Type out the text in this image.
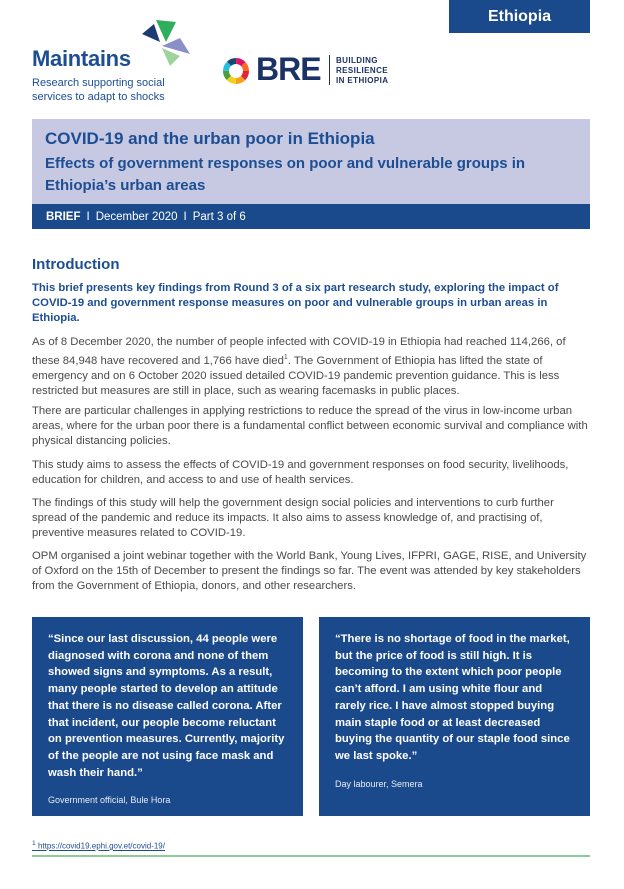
Ethiopia
Maintains
Research supporting social
services to adapt to shocks
BRE BUILDING
RESILIENCE
IN ETHIOPIA
COVID-19 and the urban poor in Ethiopia
Effects of government responses on poor and vulnerable groups in Ethiopia’s urban areas
BRIEF I December 2020 I Part 3 of 6
Introduction
This brief presents key findings from Round 3 of a six part research study, exploring the impact of COVID-19 and government response measures on poor and vulnerable groups in urban areas in Ethiopia.
As of 8 December 2020, the number of people infected with COVID-19 in Ethiopia had reached 114,266, of these 84,948 have recovered and 1,766 have died$^1$. The Government of Ethiopia has lifted the state of emergency and on 6 October 2020 issued detailed COVID-19 pandemic prevention guidance. This is less restricted but measures are still in place, such as wearing facemasks in public places.
There are particular challenges in applying restrictions to reduce the spread of the virus in low-income urban areas, where for the urban poor there is a fundamental conflict between economic survival and compliance with physical distancing policies.
This study aims to assess the effects of COVID-19 and government responses on food security, livelihoods, education for children, and access to and use of health services.
The findings of this study will help the government design social policies and interventions to curb further spread of the pandemic and reduce its impacts. It also aims to assess knowledge of, and practising of, preventive measures related to COVID-19.
OPM organised a joint webinar together with the World Bank, Young Lives, IFPRI, GAGE, RISE, and University of Oxford on the 15th of December to present the findings so far. The event was attended by key stakeholders from the Government of Ethiopia, donors, and other researchers.
“Since our last discussion, 44 people were diagnosed with corona and none of them showed signs and symptoms. As a result, many people started to develop an attitude that there is no disease called corona. After that incident, our people become reluctant on prevention measures. Currently, majority of the people are not using face mask and wash their hand.”
Government official, Bule Hora
“There is no shortage of food in the market, but the price of food is still high. It is becoming to the extent which poor people can’t afford. I am using white flour and rarely rice. I have almost stopped buying main staple food or at least decreased buying the quantity of our staple food since we last spoke.”
Day labourer, Semera
$^1$ https://covid19.ephi.gov.et/covid-19/
